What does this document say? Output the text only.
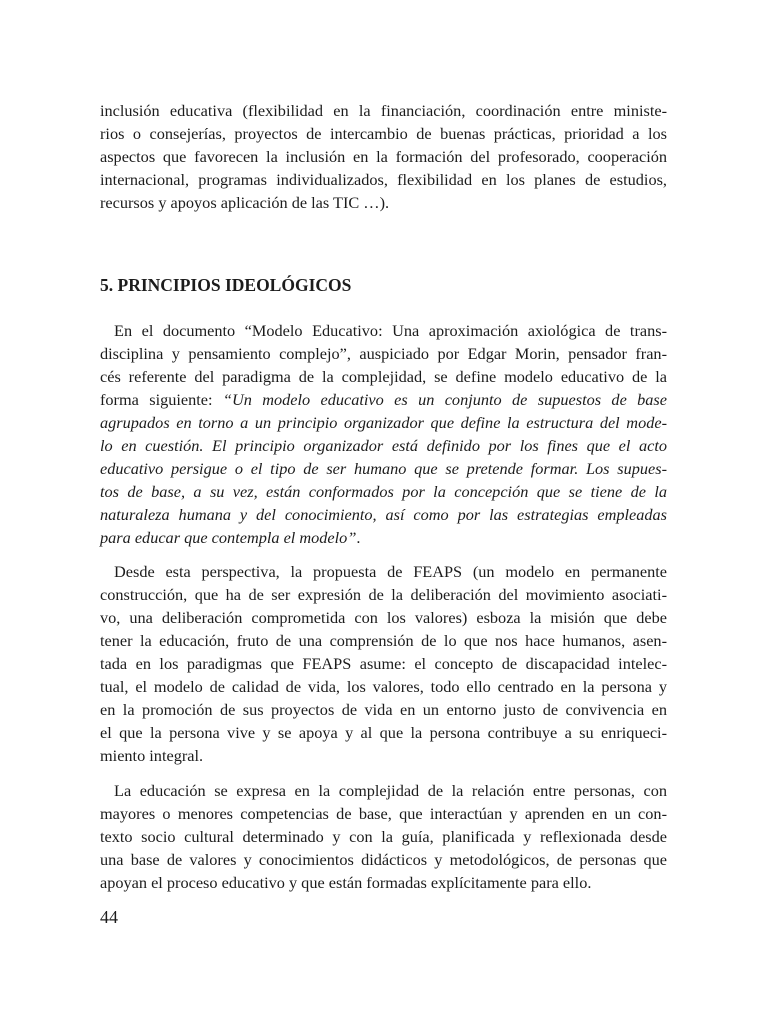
inclusión educativa (flexibilidad en la financiación, coordinación entre ministe-
rios o consejerías, proyectos de intercambio de buenas prácticas, prioridad a los
aspectos que favorecen la inclusión en la formación del profesorado, cooperación
internacional, programas individualizados, flexibilidad en los planes de estudios,
recursos y apoyos aplicación de las TIC …).
5. PRINCIPIOS IDEOLÓGICOS
En el documento “Modelo Educativo: Una aproximación axiológica de trans-
disciplina y pensamiento complejo”, auspiciado por Edgar Morin, pensador fran-
cés referente del paradigma de la complejidad, se define modelo educativo de la
forma siguiente: “Un modelo educativo es un conjunto de supuestos de base
agrupados en torno a un principio organizador que define la estructura del mode-
lo en cuestión. El principio organizador está definido por los fines que el acto
educativo persigue o el tipo de ser humano que se pretende formar. Los supues-
tos de base, a su vez, están conformados por la concepción que se tiene de la
naturaleza humana y del conocimiento, así como por las estrategias empleadas
para educar que contempla el modelo”.
Desde esta perspectiva, la propuesta de FEAPS (un modelo en permanente
construcción, que ha de ser expresión de la deliberación del movimiento asociati-
vo, una deliberación comprometida con los valores) esboza la misión que debe
tener la educación, fruto de una comprensión de lo que nos hace humanos, asen-
tada en los paradigmas que FEAPS asume: el concepto de discapacidad intelec-
tual, el modelo de calidad de vida, los valores, todo ello centrado en la persona y
en la promoción de sus proyectos de vida en un entorno justo de convivencia en
el que la persona vive y se apoya y al que la persona contribuye a su enriqueci-
miento integral.
La educación se expresa en la complejidad de la relación entre personas, con
mayores o menores competencias de base, que interactúan y aprenden en un con-
texto socio cultural determinado y con la guía, planificada y reflexionada desde
una base de valores y conocimientos didácticos y metodológicos, de personas que
apoyan el proceso educativo y que están formadas explícitamente para ello.
44
